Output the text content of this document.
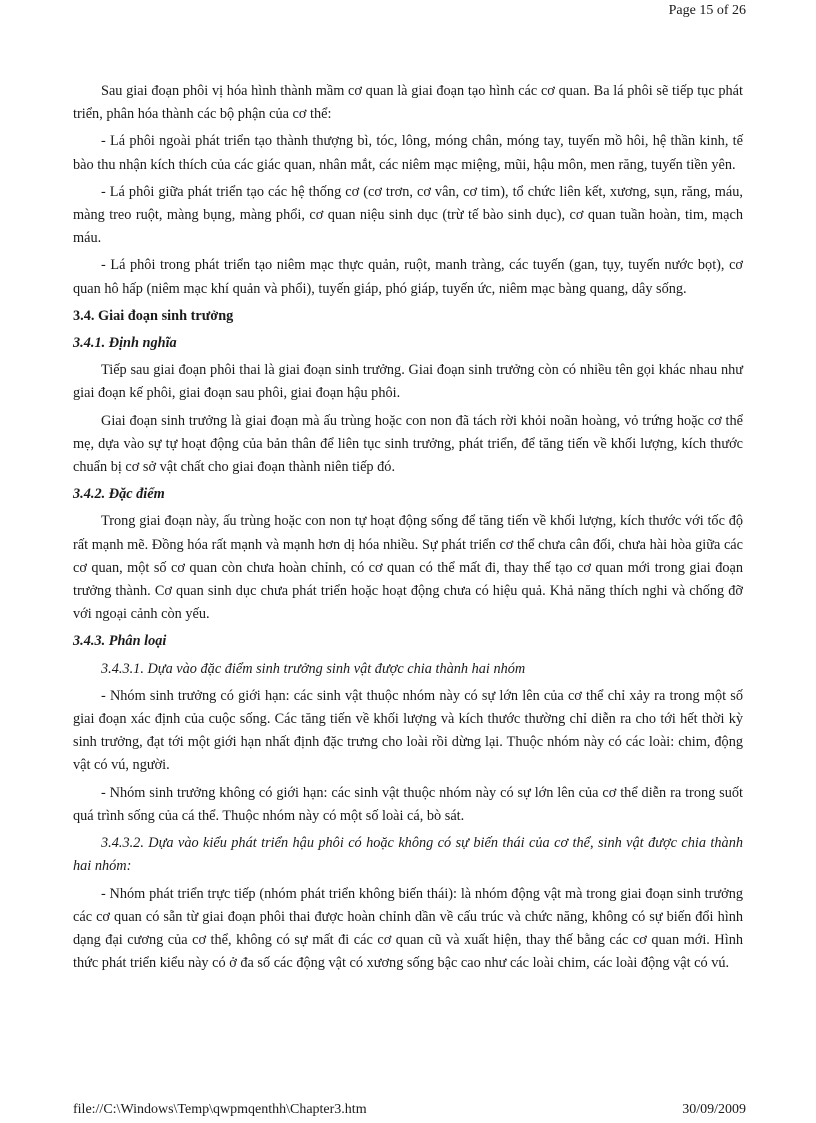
Page 15 of 26

Sau giai đoạn phôi vị hóa hình thành mầm cơ quan là giai đoạn tạo hình các cơ quan. Ba lá phôi sẽ tiếp tục phát triển, phân hóa thành các bộ phận của cơ thể:

- Lá phôi ngoài phát triển tạo thành thượng bì, tóc, lông, móng chân, móng tay, tuyến mồ hôi, hệ thần kinh, tế bào thu nhận kích thích của các giác quan, nhân mắt, các niêm mạc miệng, mũi, hậu môn, men răng, tuyến tiền yên.

- Lá phôi giữa phát triển tạo các hệ thống cơ (cơ trơn, cơ vân, cơ tim), tổ chức liên kết, xương, sụn, răng, máu, màng treo ruột, màng bụng, màng phổi, cơ quan niệu sinh dục (trừ tế bào sinh dục), cơ quan tuần hoàn, tim, mạch máu.

- Lá phôi trong phát triển tạo niêm mạc thực quản, ruột, manh tràng, các tuyến (gan, tụy, tuyến nước bọt), cơ quan hô hấp (niêm mạc khí quản và phổi), tuyến giáp, phó giáp, tuyến ức, niêm mạc bàng quang, dây sống.

3.4. Giai đoạn sinh trưởng
3.4.1. Định nghĩa

Tiếp sau giai đoạn phôi thai là giai đoạn sinh trưởng. Giai đoạn sinh trưởng còn có nhiều tên gọi khác nhau như giai đoạn kế phôi, giai đoạn sau phôi, giai đoạn hậu phôi.

Giai đoạn sinh trưởng là giai đoạn mà ấu trùng hoặc con non đã tách rời khỏi noãn hoàng, vỏ trứng hoặc cơ thể mẹ, dựa vào sự tự hoạt động của bản thân để liên tục sinh trưởng, phát triển, để tăng tiến về khối lượng, kích thước chuẩn bị cơ sở vật chất cho giai đoạn thành niên tiếp đó.

3.4.2. Đặc điểm

Trong giai đoạn này, ấu trùng hoặc con non tự hoạt động sống để tăng tiến về khối lượng, kích thước với tốc độ rất mạnh mẽ. Đồng hóa rất mạnh và mạnh hơn dị hóa nhiều. Sự phát triển cơ thể chưa cân đối, chưa hài hòa giữa các cơ quan, một số cơ quan còn chưa hoàn chỉnh, có cơ quan có thể mất đi, thay thế tạo cơ quan mới trong giai đoạn trưởng thành. Cơ quan sinh dục chưa phát triển hoặc hoạt động chưa có hiệu quả. Khả năng thích nghi và chống đỡ với ngoại cảnh còn yếu.

3.4.3. Phân loại
3.4.3.1. Dựa vào đặc điểm sinh trưởng sinh vật được chia thành hai nhóm

- Nhóm sinh trưởng có giới hạn: các sinh vật thuộc nhóm này có sự lớn lên của cơ thể chỉ xảy ra trong một số giai đoạn xác định của cuộc sống. Các tăng tiến về khối lượng và kích thước thường chỉ diễn ra cho tới hết thời kỳ sinh trưởng, đạt tới một giới hạn nhất định đặc trưng cho loài rồi dừng lại. Thuộc nhóm này có các loài: chim, động vật có vú, người.

- Nhóm sinh trưởng không có giới hạn: các sinh vật thuộc nhóm này có sự lớn lên của cơ thể diễn ra trong suốt quá trình sống của cá thể. Thuộc nhóm này có một số loài cá, bò sát.

3.4.3.2. Dựa vào kiểu phát triển hậu phôi có hoặc không có sự biến thái của cơ thể, sinh vật được chia thành hai nhóm:

- Nhóm phát triển trực tiếp (nhóm phát triển không biến thái): là nhóm động vật mà trong giai đoạn sinh trưởng các cơ quan có sẵn từ giai đoạn phôi thai được hoàn chỉnh dần về cấu trúc và chức năng, không có sự biến đổi hình dạng đại cương của cơ thể, không có sự mất đi các cơ quan cũ và xuất hiện, thay thế bằng các cơ quan mới. Hình thức phát triển kiểu này có ở đa số các động vật có xương sống bậc cao như các loài chim, các loài động vật có vú.

file://C:\Windows\Temp\qwpmqenthh\Chapter3.htm	30/09/2009
